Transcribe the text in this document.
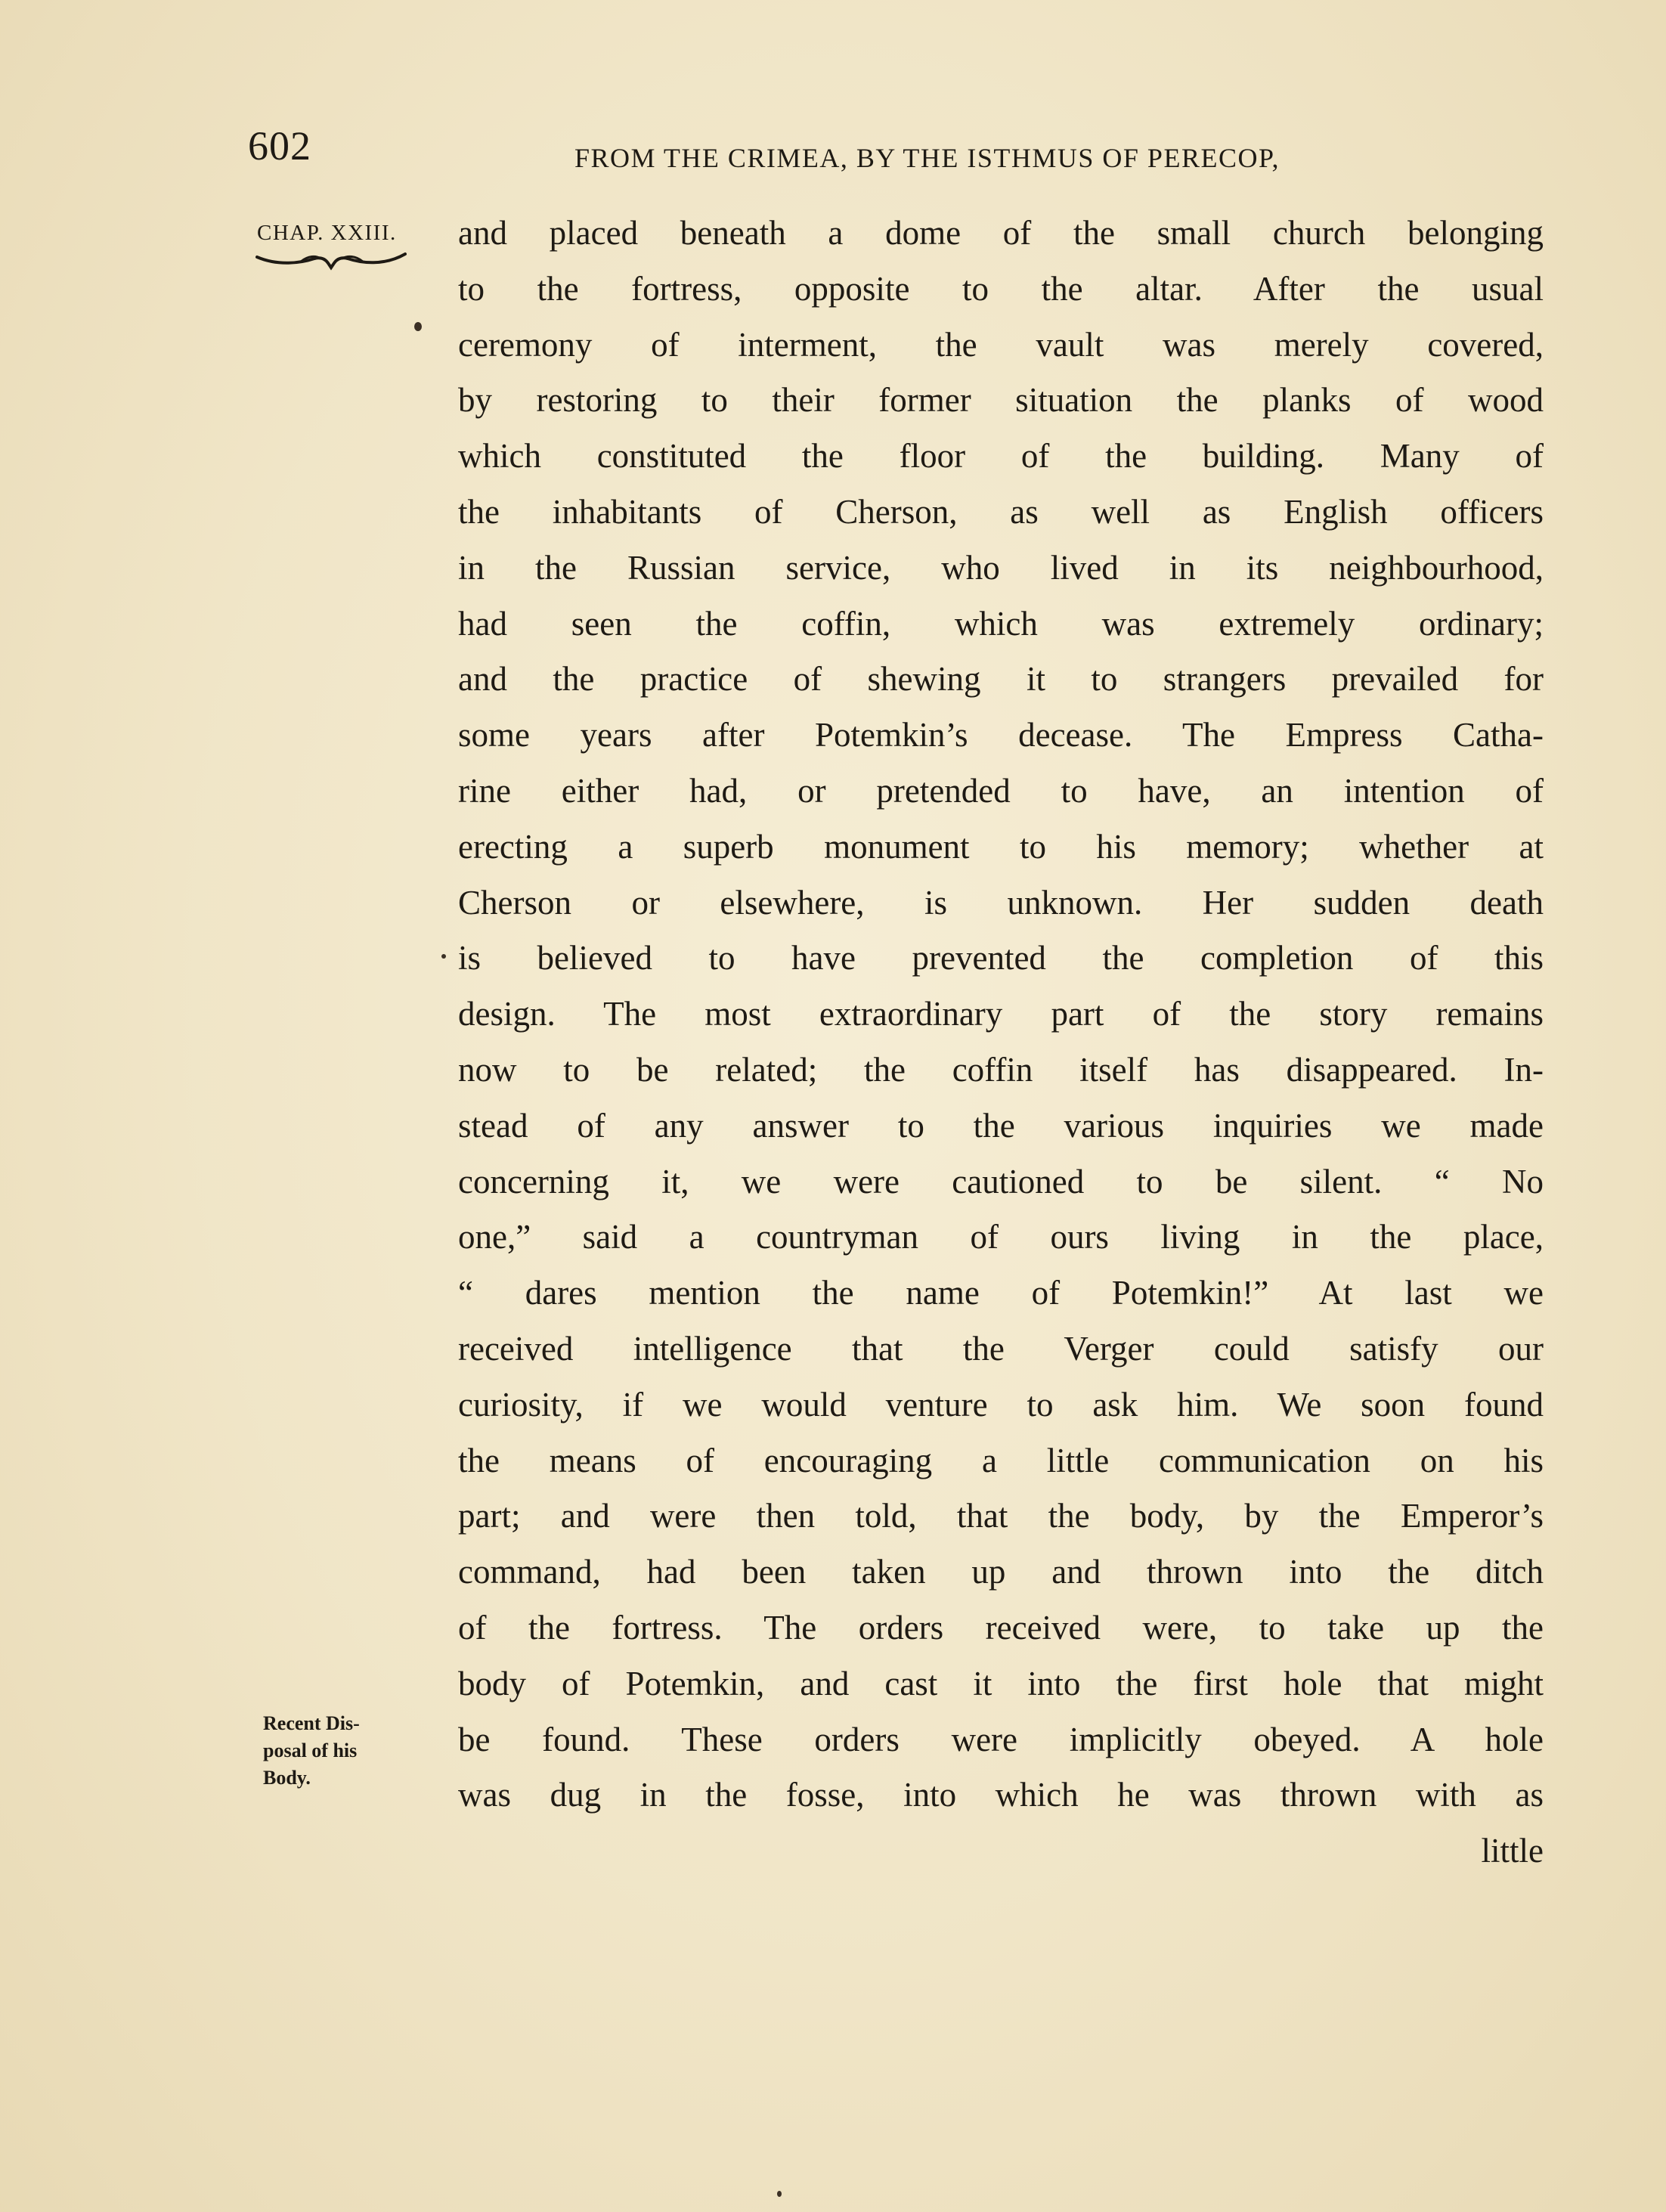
602	FROM THE CRIMEA, BY THE ISTHMUS OF PERECOP,
CHAP. XXIII.
Recent Dis-
posal of his
Body.
and placed beneath a dome of the small church belonging
to the fortress, opposite to the altar. After the usual
ceremony of interment, the vault was merely covered,
by restoring to their former situation the planks of wood
which constituted the floor of the building. Many of
the inhabitants of Cherson, as well as English officers
in the Russian service, who lived in its neighbourhood,
had seen the coffin, which was extremely ordinary;
and the practice of shewing it to strangers prevailed for
some years after Potemkin’s decease. The Empress Catha-
rine either had, or pretended to have, an intention of
erecting a superb monument to his memory; whether at
Cherson or elsewhere, is unknown. Her sudden death
is believed to have prevented the completion of this
design. The most extraordinary part of the story remains
now to be related; the coffin itself has disappeared. In-
stead of any answer to the various inquiries we made
concerning it, we were cautioned to be silent. “ No
one,” said a countryman of ours living in the place,
“ dares mention the name of Potemkin!” At last we
received intelligence that the Verger could satisfy our
curiosity, if we would venture to ask him. We soon found
the means of encouraging a little communication on his
part; and were then told, that the body, by the Emperor’s
command, had been taken up and thrown into the ditch
of the fortress. The orders received were, to take up the
body of Potemkin, and cast it into the first hole that might
be found. These orders were implicitly obeyed. A hole
was dug in the fosse, into which he was thrown with as
little
